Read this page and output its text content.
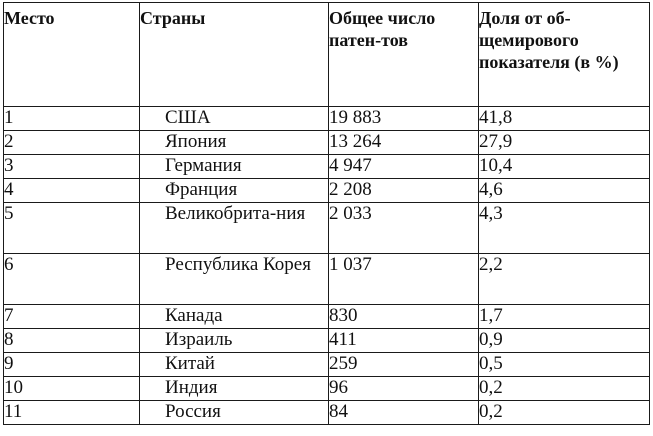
Место	Страны	Общее число патен-тов	Доля от об-щемирового показателя (в %)
1	США	19 883	41,8
2	Япония	13 264	27,9
3	Германия	4 947	10,4
4	Франция	2 208	4,6
5	Великобрита-ния	2 033	4,3
6	Республика Корея	1 037	2,2
7	Канада	830	1,7
8	Израиль	411	0,9
9	Китай	259	0,5
10	Индия	96	0,2
11	Россия	84	0,2
